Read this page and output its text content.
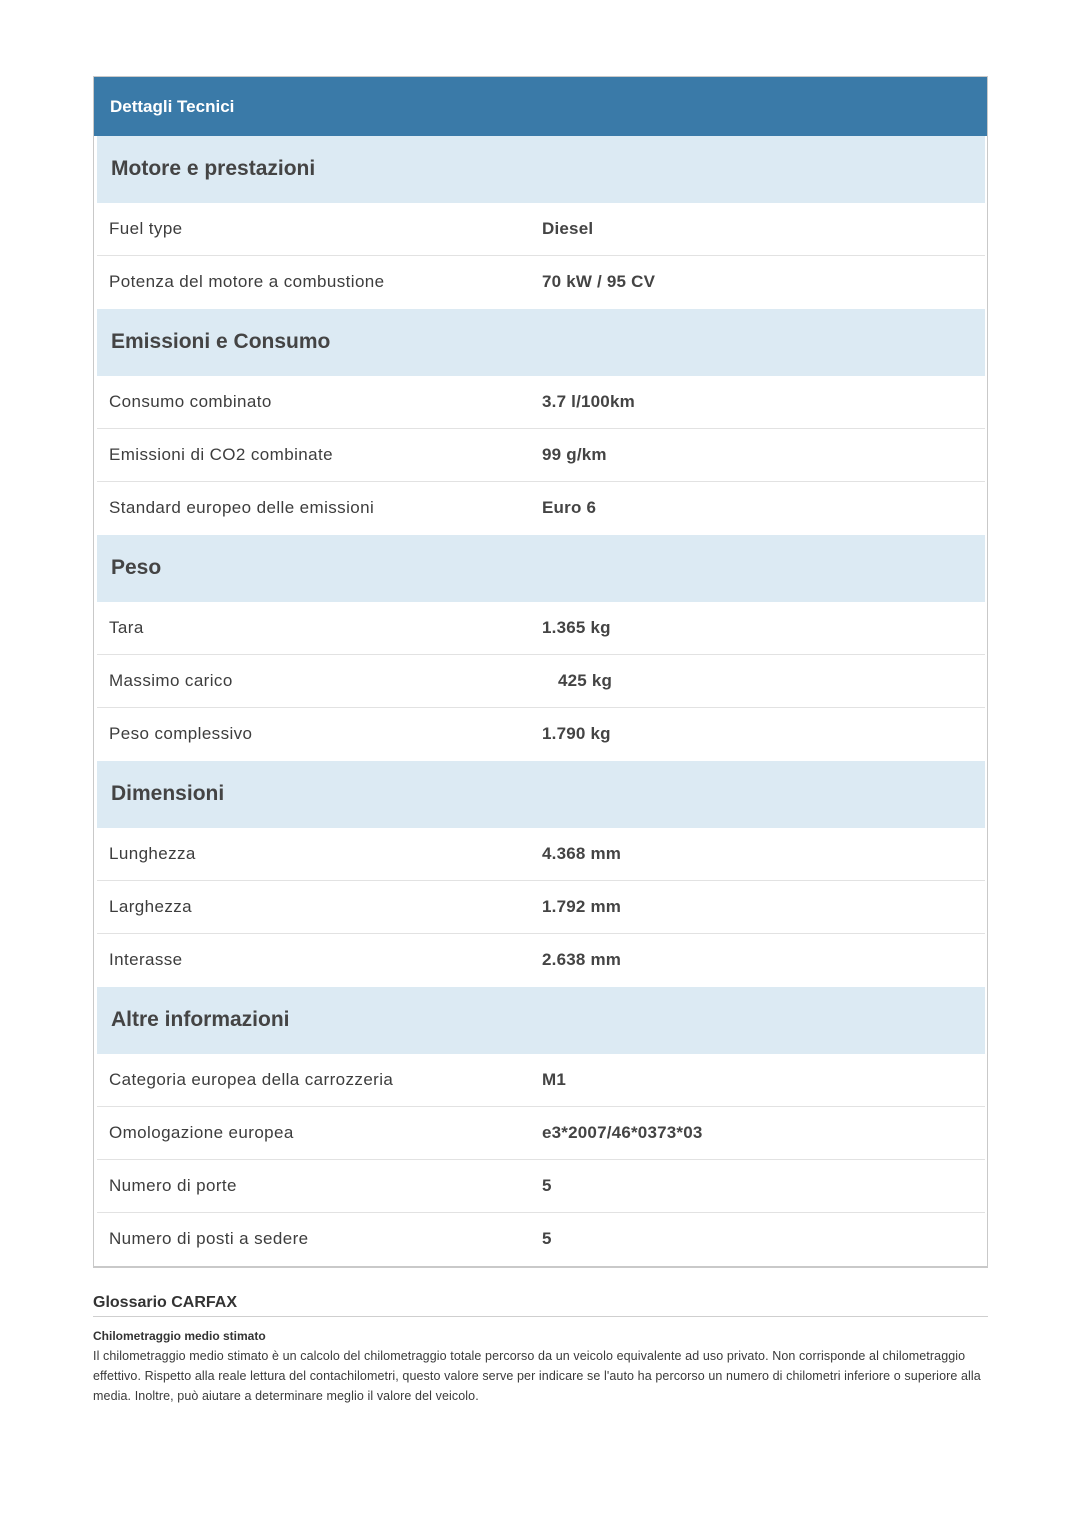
Dettagli Tecnici
Motore e prestazioni
Fuel type	Diesel
Potenza del motore a combustione	70 kW / 95 CV
Emissioni e Consumo
Consumo combinato	3.7 l/100km
Emissioni di CO2 combinate	99 g/km
Standard europeo delle emissioni	Euro 6
Peso
Tara	1.365 kg
Massimo carico	425 kg
Peso complessivo	1.790 kg
Dimensioni
Lunghezza	4.368 mm
Larghezza	1.792 mm
Interasse	2.638 mm
Altre informazioni
Categoria europea della carrozzeria	M1
Omologazione europea	e3*2007/46*0373*03
Numero di porte	5
Numero di posti a sedere	5
Glossario CARFAX
Chilometraggio medio stimato
Il chilometraggio medio stimato è un calcolo del chilometraggio totale percorso da un veicolo equivalente ad uso privato. Non corrisponde al chilometraggio effettivo. Rispetto alla reale lettura del contachilometri, questo valore serve per indicare se l'auto ha percorso un numero di chilometri inferiore o superiore alla media. Inoltre, può aiutare a determinare meglio il valore del veicolo.
